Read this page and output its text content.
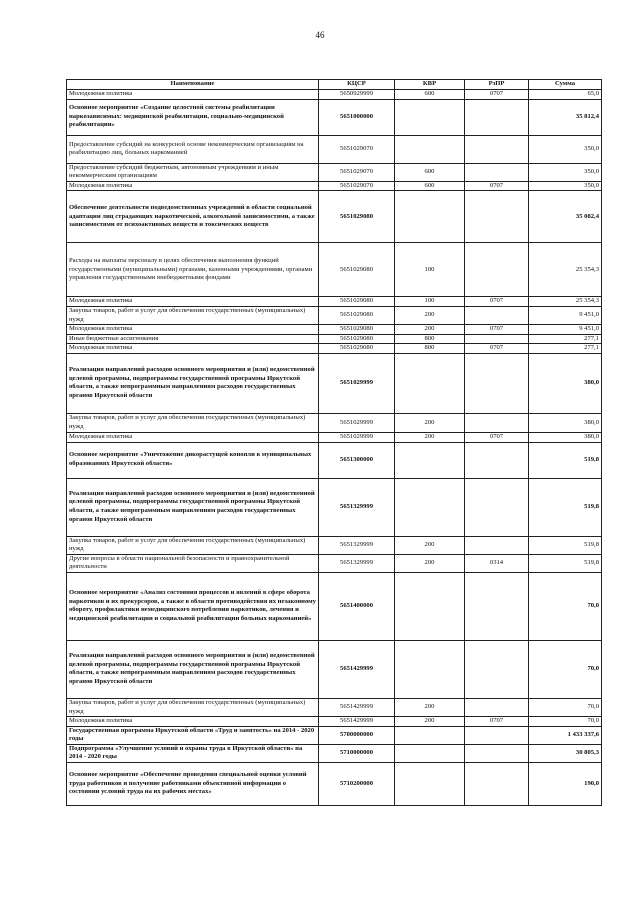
46
Наименование	КЦСР	КВР	РзПР	Сумма
Молодежная политика	5650929999	600	0707	65,0
Основное мероприятие «Создание целостной системы реабилитации наркозависимых: медицинской реабилитации, социально-медицинской реабилитации»	5651000000			35 812,4
Предоставление субсидий на конкурсной основе некоммерческим организациям на реабилитацию лиц, больных наркоманией	5651029070			350,0
Предоставление субсидий бюджетным, автономным учреждениям и иным некоммерческим организациям	5651029070	600		350,0
Молодежная политика	5651029070	600	0707	350,0
Обеспечение деятельности подведомственных учреждений в области социальной адаптации лиц страдающих наркотической, алкогольной зависимостями, а также зависимостями от психоактивных веществ и токсических веществ	5651029080			35 082,4
Расходы на выплаты персоналу в целях обеспечения выполнения функций государственными (муниципальными) органами, казенными учреждениями, органами управления государственными внебюджетными фондами	5651029080	100		25 354,3
Молодежная политика	5651029080	100	0707	25 354,3
Закупка товаров, работ и услуг для обеспечения государственных (муниципальных) нужд	5651029080	200		9 451,0
Молодежная политика	5651029080	200	0707	9 451,0
Иные бюджетные ассигнования	5651029080	800		277,1
Молодежная политика	5651029080	800	0707	277,1
Реализация направлений расходов основного мероприятия и (или) ведомственной целевой программы, подпрограммы государственной программы Иркутской области, а также непрограммным направлениям расходов государственных органов Иркутской области	5651029999			380,0
Закупка товаров, работ и услуг для обеспечения государственных (муниципальных) нужд	5651029999	200		380,0
Молодежная политика	5651029999	200	0707	380,0
Основное мероприятие «Уничтожение дикорастущей конопли в муниципальных образованиях Иркутской области»	5651300000			519,8
Реализация направлений расходов основного мероприятия и (или) ведомственной целевой программы, подпрограммы государственной программы Иркутской области, а также непрограммным направлениям расходов государственных органов Иркутской области	5651329999			519,8
Закупка товаров, работ и услуг для обеспечения государственных (муниципальных) нужд	5651329999	200		519,8
Другие вопросы в области национальной безопасности и правоохранительной деятельности	5651329999	200	0314	519,8
Основное мероприятие «Анализ состояния процессов и явлений в сфере оборота наркотиков и их прекурсоров, а также в области противодействия их незаконному обороту, профилактики немедицинского потребления наркотиков, лечения и медицинской реабилитации и социальной реабилитации больных наркоманией»	5651400000			70,0
Реализация направлений расходов основного мероприятия и (или) ведомственной целевой программы, подпрограммы государственной программы Иркутской области, а также непрограммным направлениям расходов государственных органов Иркутской области	5651429999			70,0
Закупка товаров, работ и услуг для обеспечения государственных (муниципальных) нужд	5651429999	200		70,0
Молодежная политика	5651429999	200	0707	70,0
Государственная программа Иркутской области «Труд и занятость» на 2014 - 2020 годы	5700000000			1 433 337,6
Подпрограмма «Улучшение условий и охраны труда в Иркутской области» на 2014 - 2020 годы	5710000000			30 805,3
Основное мероприятие «Обеспечение проведения специальной оценки условий труда работников и получение работниками объективной информации о состоянии условий труда на их рабочих местах»	5710200000			190,0
